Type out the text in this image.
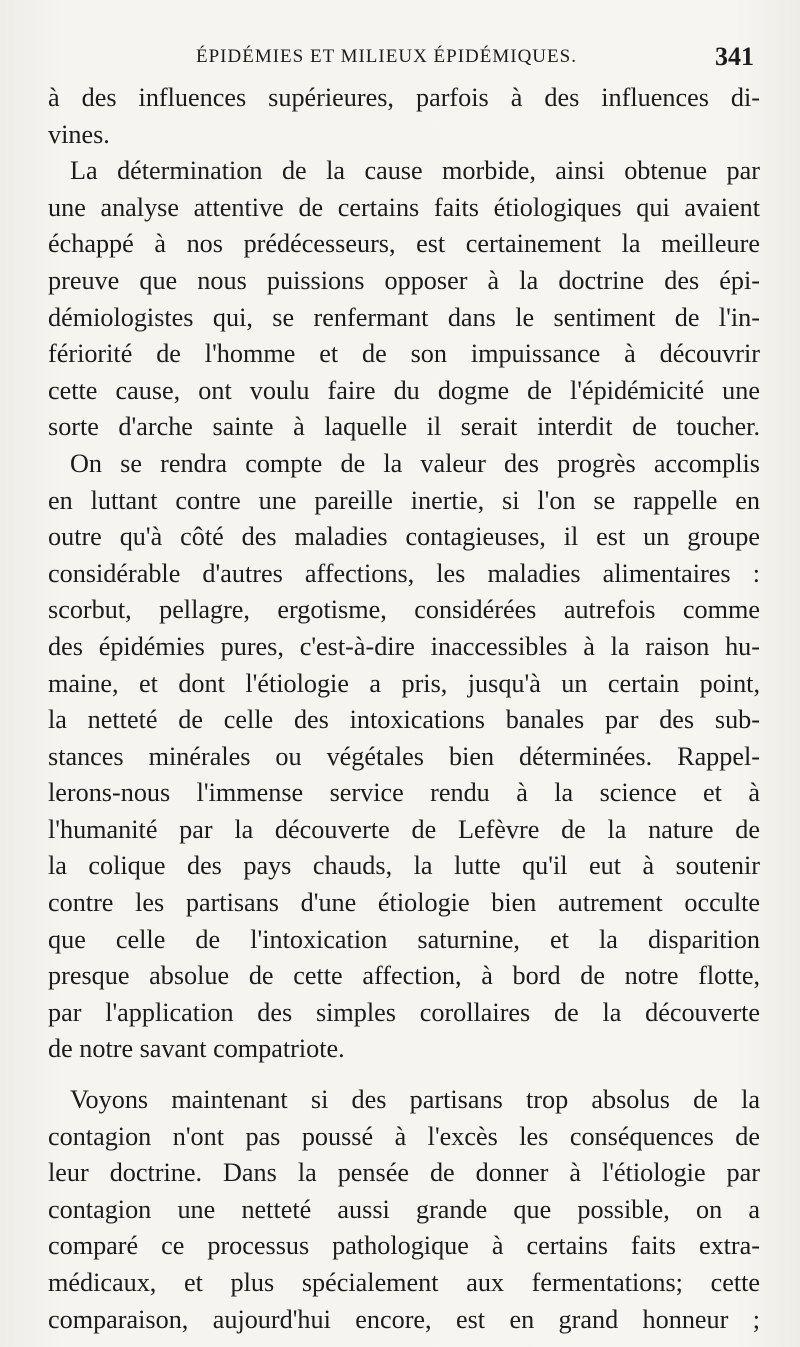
ÉPIDÉMIES ET MILIEUX ÉPIDÉMIQUES.	341
à des influences supérieures, parfois à des influences di-
vines.
La détermination de la cause morbide, ainsi obtenue par
une analyse attentive de certains faits étiologiques qui avaient
échappé à nos prédécesseurs, est certainement la meilleure
preuve que nous puissions opposer à la doctrine des épi-
démiologistes qui, se renfermant dans le sentiment de l'in-
fériorité de l'homme et de son impuissance à découvrir
cette cause, ont voulu faire du dogme de l'épidémicité une
sorte d'arche sainte à laquelle il serait interdit de toucher.
On se rendra compte de la valeur des progrès accomplis
en luttant contre une pareille inertie, si l'on se rappelle en
outre qu'à côté des maladies contagieuses, il est un groupe
considérable d'autres affections, les maladies alimentaires :
scorbut, pellagre, ergotisme, considérées autrefois comme
des épidémies pures, c'est-à-dire inaccessibles à la raison hu-
maine, et dont l'étiologie a pris, jusqu'à un certain point,
la netteté de celle des intoxications banales par des sub-
stances minérales ou végétales bien déterminées. Rappel-
lerons-nous l'immense service rendu à la science et à
l'humanité par la découverte de Lefèvre de la nature de
la colique des pays chauds, la lutte qu'il eut à soutenir
contre les partisans d'une étiologie bien autrement occulte
que celle de l'intoxication saturnine, et la disparition
presque absolue de cette affection, à bord de notre flotte,
par l'application des simples corollaires de la découverte
de notre savant compatriote.
Voyons maintenant si des partisans trop absolus de la
contagion n'ont pas poussé à l'excès les conséquences de
leur doctrine. Dans la pensée de donner à l'étiologie par
contagion une netteté aussi grande que possible, on a
comparé ce processus pathologique à certains faits extra-
médicaux, et plus spécialement aux fermentations; cette
comparaison, aujourd'hui encore, est en grand honneur ;
